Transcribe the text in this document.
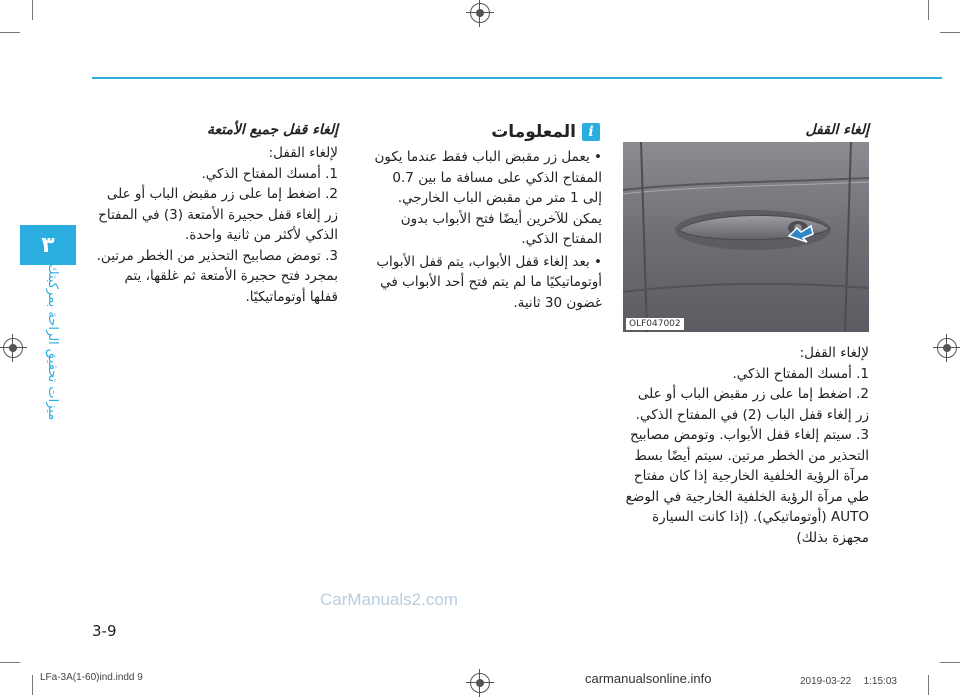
٣
ميزات تحقيق الراحة بمركبتك
إلغاء القفل
OLF047002
لإلغاء القفل:
1. أمسك المفتاح الذكي.
2. اضغط إما على زر مقبض الباب أو على زر إلغاء قفل الباب (2) في المفتاح الذكي.
3. سيتم إلغاء قفل الأبواب. وتومض مصابيح التحذير من الخطر مرتين. سيتم أيضًا بسط مرآة الرؤية الخلفية الخارجية إذا كان مفتاح طي مرآة الرؤية الخلفية الخارجية في الوضع AUTO (أوتوماتيكي). (إذا كانت السيارة مجهزة بذلك)
المعلومات i
• يعمل زر مقبض الباب فقط عندما يكون المفتاح الذكي على مسافة ما بين 0.7 إلى 1 متر من مقبض الباب الخارجي. يمكن للآخرين أيضًا فتح الأبواب بدون المفتاح الذكي.
• بعد إلغاء قفل الأبواب، يتم قفل الأبواب أوتوماتيكيًا ما لم يتم فتح أحد الأبواب في غضون 30 ثانية.
إلغاء قفل جميع الأمتعة
لإلغاء القفل:
1. أمسك المفتاح الذكي.
2. اضغط إما على زر مقبض الباب أو على زر إلغاء قفل حجيرة الأمتعة (3) في المفتاح الذكي لأكثر من ثانية واحدة.
3. تومض مصابيح التحذير من الخطر مرتين. بمجرد فتح حجيرة الأمتعة ثم غلقها، يتم قفلها أوتوماتيكيًا.
CarManuals2.com
3-9
LFa-3A(1-60)ind.indd 9	carmanualsonline.info	2019-03-22 ﾠ1:15:03
